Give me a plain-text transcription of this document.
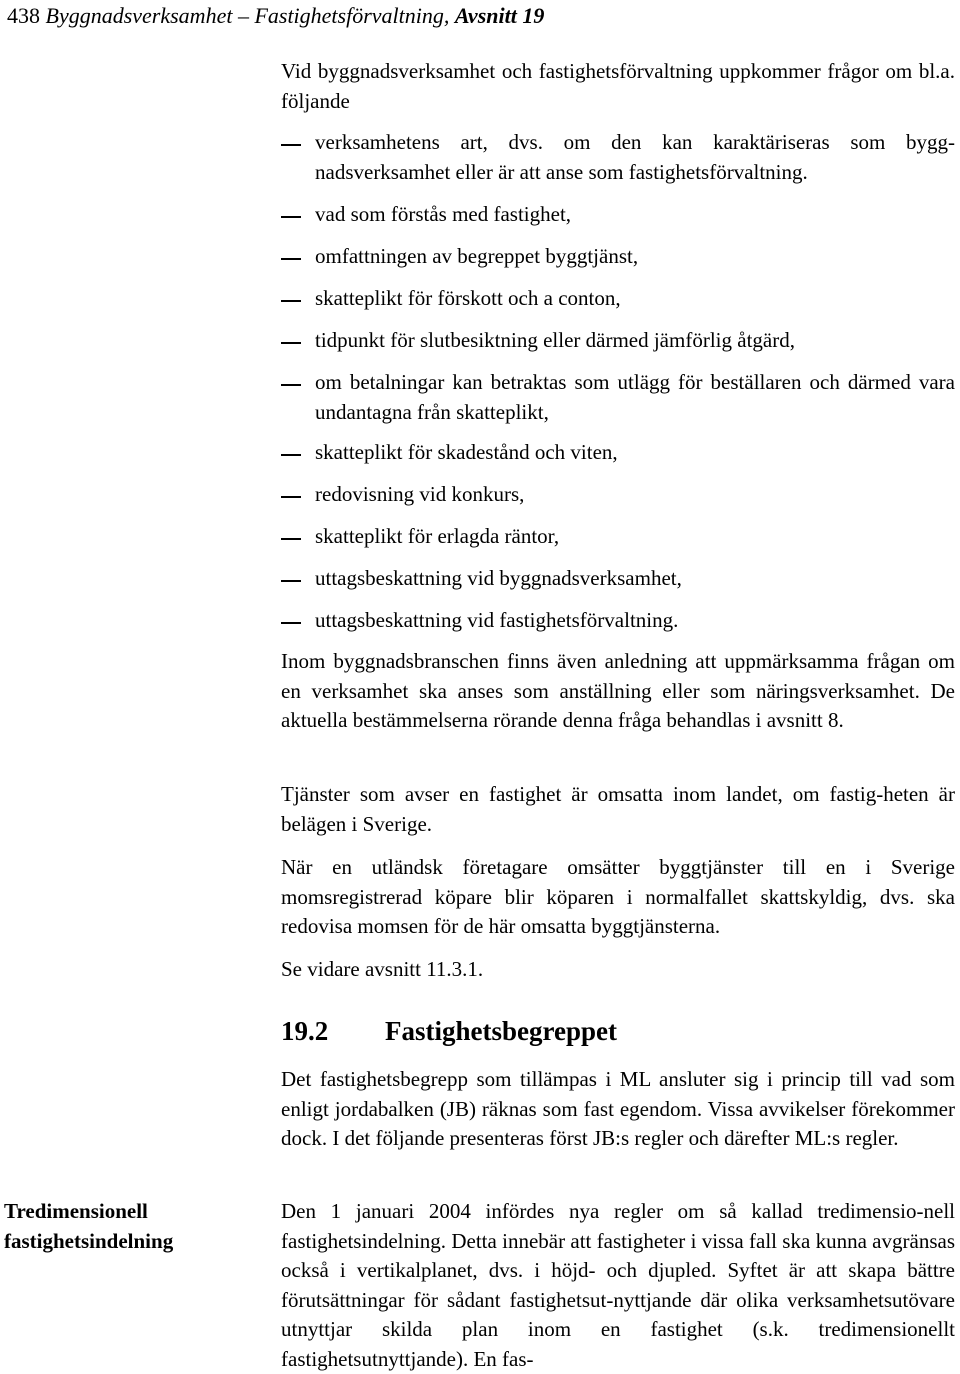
438 Byggnadsverksamhet – Fastighetsförvaltning, Avsnitt 19
Vid byggnadsverksamhet och fastighetsförvaltning uppkommer frågor om bl.a. följande
verksamhetens art, dvs. om den kan karaktäriseras som bygg-nadsverksamhet eller är att anse som fastighetsförvaltning.
vad som förstås med fastighet,
omfattningen av begreppet byggtjänst,
skatteplikt för förskott och a conton,
tidpunkt för slutbesiktning eller därmed jämförlig åtgärd,
om betalningar kan betraktas som utlägg för beställaren och därmed vara undantagna från skatteplikt,
skatteplikt för skadestånd och viten,
redovisning vid konkurs,
skatteplikt för erlagda räntor,
uttagsbeskattning vid byggnadsverksamhet,
uttagsbeskattning vid fastighetsförvaltning.
Inom byggnadsbranschen finns även anledning att uppmärksamma frågan om en verksamhet ska anses som anställning eller som näringsverksamhet. De aktuella bestämmelserna rörande denna fråga behandlas i avsnitt 8.
Tjänster som avser en fastighet är omsatta inom landet, om fastig-heten är belägen i Sverige.
När en utländsk företagare omsätter byggtjänster till en i Sverige momsregistrerad köpare blir köparen i normalfallet skattskyldig, dvs. ska redovisa momsen för de här omsatta byggtjänsterna.
Se vidare avsnitt 11.3.1.
19.2 Fastighetsbegreppet
Det fastighetsbegrepp som tillämpas i ML ansluter sig i princip till vad som enligt jordabalken (JB) räknas som fast egendom. Vissa avvikelser förekommer dock. I det följande presenteras först JB:s regler och därefter ML:s regler.
Tredimensionell fastighetsindelning
Den 1 januari 2004 infördes nya regler om så kallad tredimensio-nell fastighetsindelning. Detta innebär att fastigheter i vissa fall ska kunna avgränsas också i vertikalplanet, dvs. i höjd- och djupled. Syftet är att skapa bättre förutsättningar för sådant fastighetsut-nyttjande där olika verksamhetsutövare utnyttjar skilda plan inom en fastighet (s.k. tredimensionellt fastighetsutnyttjande). En fas-
